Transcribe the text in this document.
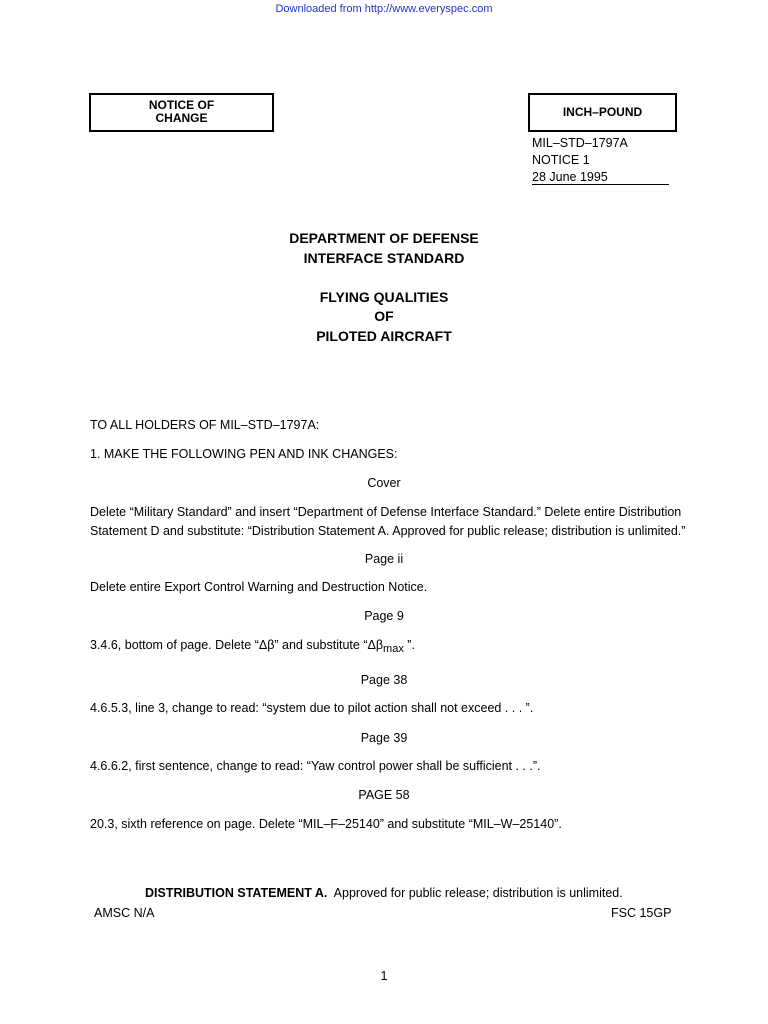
Downloaded from http://www.everyspec.com
NOTICE OF
CHANGE	INCH–POUND
MIL–STD–1797A
NOTICE 1
28 June 1995
DEPARTMENT OF DEFENSE
INTERFACE STANDARD
FLYING QUALITIES
OF
PILOTED AIRCRAFT
TO ALL HOLDERS OF MIL–STD–1797A:
1. MAKE THE FOLLOWING PEN AND INK CHANGES:
Cover
Delete “Military Standard” and insert “Department of Defense Interface Standard.” Delete entire Distribution Statement D and substitute: “Distribution Statement A. Approved for public release; distribution is unlimited.”
Page ii
Delete entire Export Control Warning and Destruction Notice.
Page 9
3.4.6, bottom of page. Delete “Δβ” and substitute “Δβmax ”.
Page 38
4.6.5.3, line 3, change to read: “system due to pilot action shall not exceed . . . ”.
Page 39
4.6.6.2, first sentence, change to read: “Yaw control power shall be sufficient . . .”.
PAGE 58
20.3, sixth reference on page. Delete “MIL–F–25140” and substitute “MIL–W–25140”.
DISTRIBUTION STATEMENT A.  Approved for public release; distribution is unlimited.
AMSC N/A	FSC 15GP
1
